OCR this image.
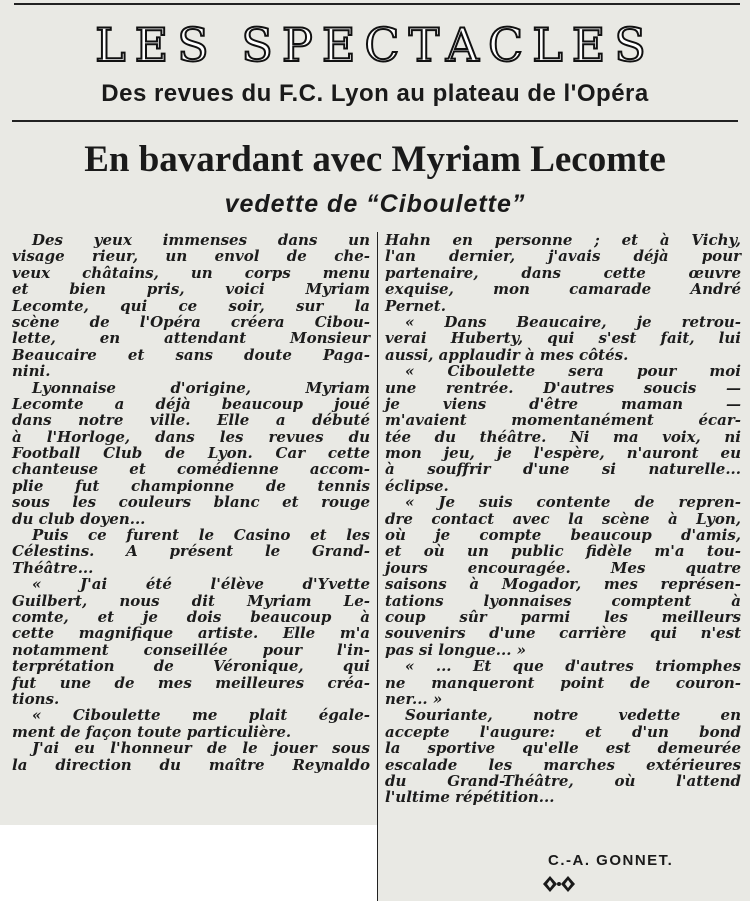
LES SPECTACLES
Des revues du F.C. Lyon au plateau de l'Opéra
En bavardant avec Myriam Lecomte
vedette de “Ciboulette”
Des yeux immenses dans un
visage rieur, un envol de che-
veux châtains, un corps menu
et bien pris, voici Myriam
Lecomte, qui ce soir, sur la
scène de l'Opéra créera Cibou-
lette, en attendant Monsieur
Beaucaire et sans doute Paga-
nini.
Lyonnaise d'origine, Myriam
Lecomte a déjà beaucoup joué
dans notre ville. Elle a débuté
à l'Horloge, dans les revues du
Football Club de Lyon. Car cette
chanteuse et comédienne accom-
plie fut championne de tennis
sous les couleurs blanc et rouge
du club doyen...
Puis ce furent le Casino et les
Célestins. A présent le Grand-
Théâtre...
« J'ai été l'élève d'Yvette
Guilbert, nous dit Myriam Le-
comte, et je dois beaucoup à
cette magnifique artiste. Elle m'a
notamment conseillée pour l'in-
terprétation de Véronique, qui
fut une de mes meilleures créa-
tions.
« Ciboulette me plait égale-
ment de façon toute particulière.
J'ai eu l'honneur de le jouer sous
la direction du maître Reynaldo
Hahn en personne ; et à Vichy,
l'an dernier, j'avais déjà pour
partenaire, dans cette œuvre
exquise, mon camarade André
Pernet.
« Dans Beaucaire, je retrou-
verai Huberty, qui s'est fait, lui
aussi, applaudir à mes côtés.
« Ciboulette sera pour moi
une rentrée. D'autres soucis —
je viens d'être maman —
m'avaient momentanément écar-
tée du théâtre. Ni ma voix, ni
mon jeu, je l'espère, n'auront eu
à souffrir d'une si naturelle...
éclipse.
« Je suis contente de repren-
dre contact avec la scène à Lyon,
où je compte beaucoup d'amis,
et où un public fidèle m'a tou-
jours encouragée. Mes quatre
saisons à Mogador, mes représen-
tations lyonnaises comptent à
coup sûr parmi les meilleurs
souvenirs d'une carrière qui n'est
pas si longue... »
« ... Et que d'autres triomphes
ne manqueront point de couron-
ner... »
Souriante, notre vedette en
accepte l'augure: et d'un bond
la sportive qu'elle est demeurée
escalade les marches extérieures
du Grand-Théâtre, où l'attend
l'ultime répétition...
C.-A. GONNET.
